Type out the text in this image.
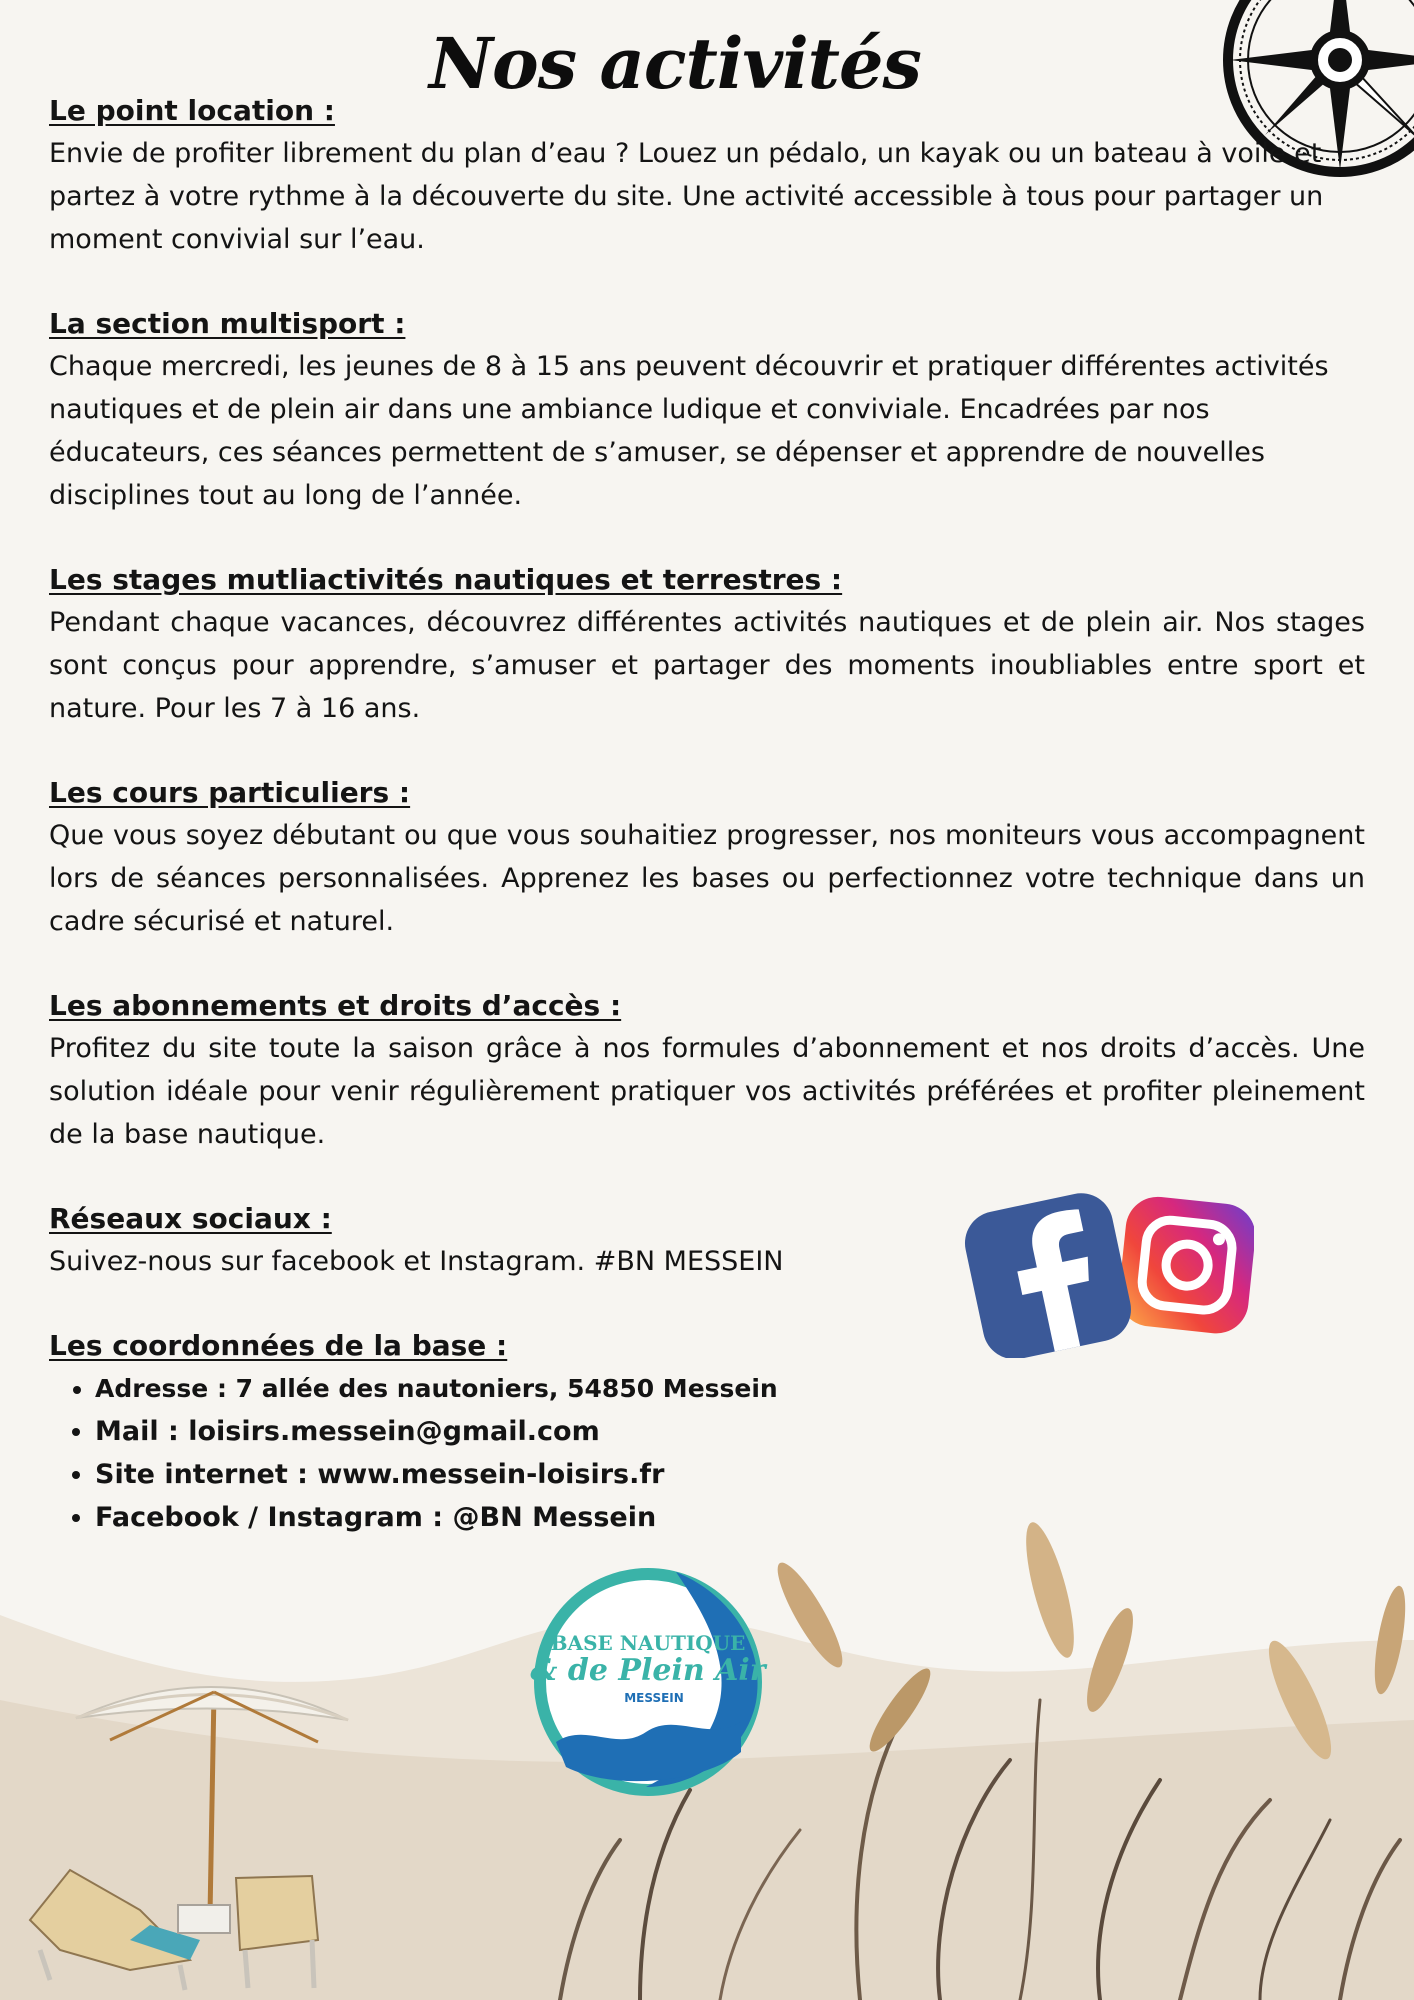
Nos activités
Le point location :

Envie de profiter librement du plan d’eau ? Louez un pédalo, un kayak ou un bateau à voile et partez à votre rythme à la découverte du site. Une activité accessible à tous pour partager un moment convivial sur l’eau.

La section multisport :

Chaque mercredi, les jeunes de 8 à 15 ans peuvent découvrir et pratiquer différentes activités nautiques et de plein air dans une ambiance ludique et conviviale. Encadrées par nos éducateurs, ces séances permettent de s’amuser, se dépenser et apprendre de nouvelles disciplines tout au long de l’année.

Les stages mutliactivités nautiques et terrestres :

Pendant chaque vacances, découvrez différentes activités nautiques et de plein air. Nos stages sont conçus pour apprendre, s’amuser et partager des moments inoubliables entre sport et nature. Pour les 7 à 16 ans.

Les cours particuliers :

Que vous soyez débutant ou que vous souhaitiez progresser, nos moniteurs vous accompagnent lors de séances personnalisées. Apprenez les bases ou perfectionnez votre technique dans un cadre sécurisé et naturel.

Les abonnements et droits d’accès :

Profitez du site toute la saison grâce à nos formules d’abonnement et nos droits d’accès. Une solution idéale pour venir régulièrement pratiquer vos activités préférées et profiter pleinement de la base nautique.

Réseaux sociaux :

Suivez-nous sur facebook et Instagram. #BN MESSEIN

Les coordonnées de la base :
• Adresse : 7 allée des nautoniers, 54850 Messein
• Mail : loisirs.messein@gmail.com
• Site internet : www.messein-loisirs.fr
• Facebook / Instagram : @BN Messein
BASE NAUTIQUE
& de Plein Air
MESSEIN
